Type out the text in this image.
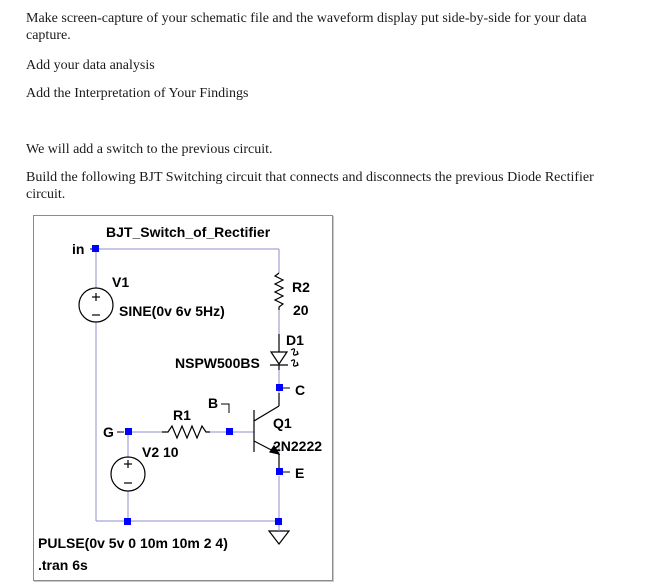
Make screen-capture of your schematic file and the waveform display put side-by-side for your data capture.

Add your data analysis

Add the Interpretation of Your Findings

We will add a switch to the previous circuit.

Build the following BJT Switching circuit that connects and disconnects the previous Diode Rectifier circuit.

BJT_Switch_of_Rectifier
in
V1
SINE(0v 6v 5Hz)
R2
20
D1
NSPW500BS
C
B
R1
G
V2 10
Q1
2N2222
E
PULSE(0v 5v 0 10m 10m 2 4)
.tran 6s
